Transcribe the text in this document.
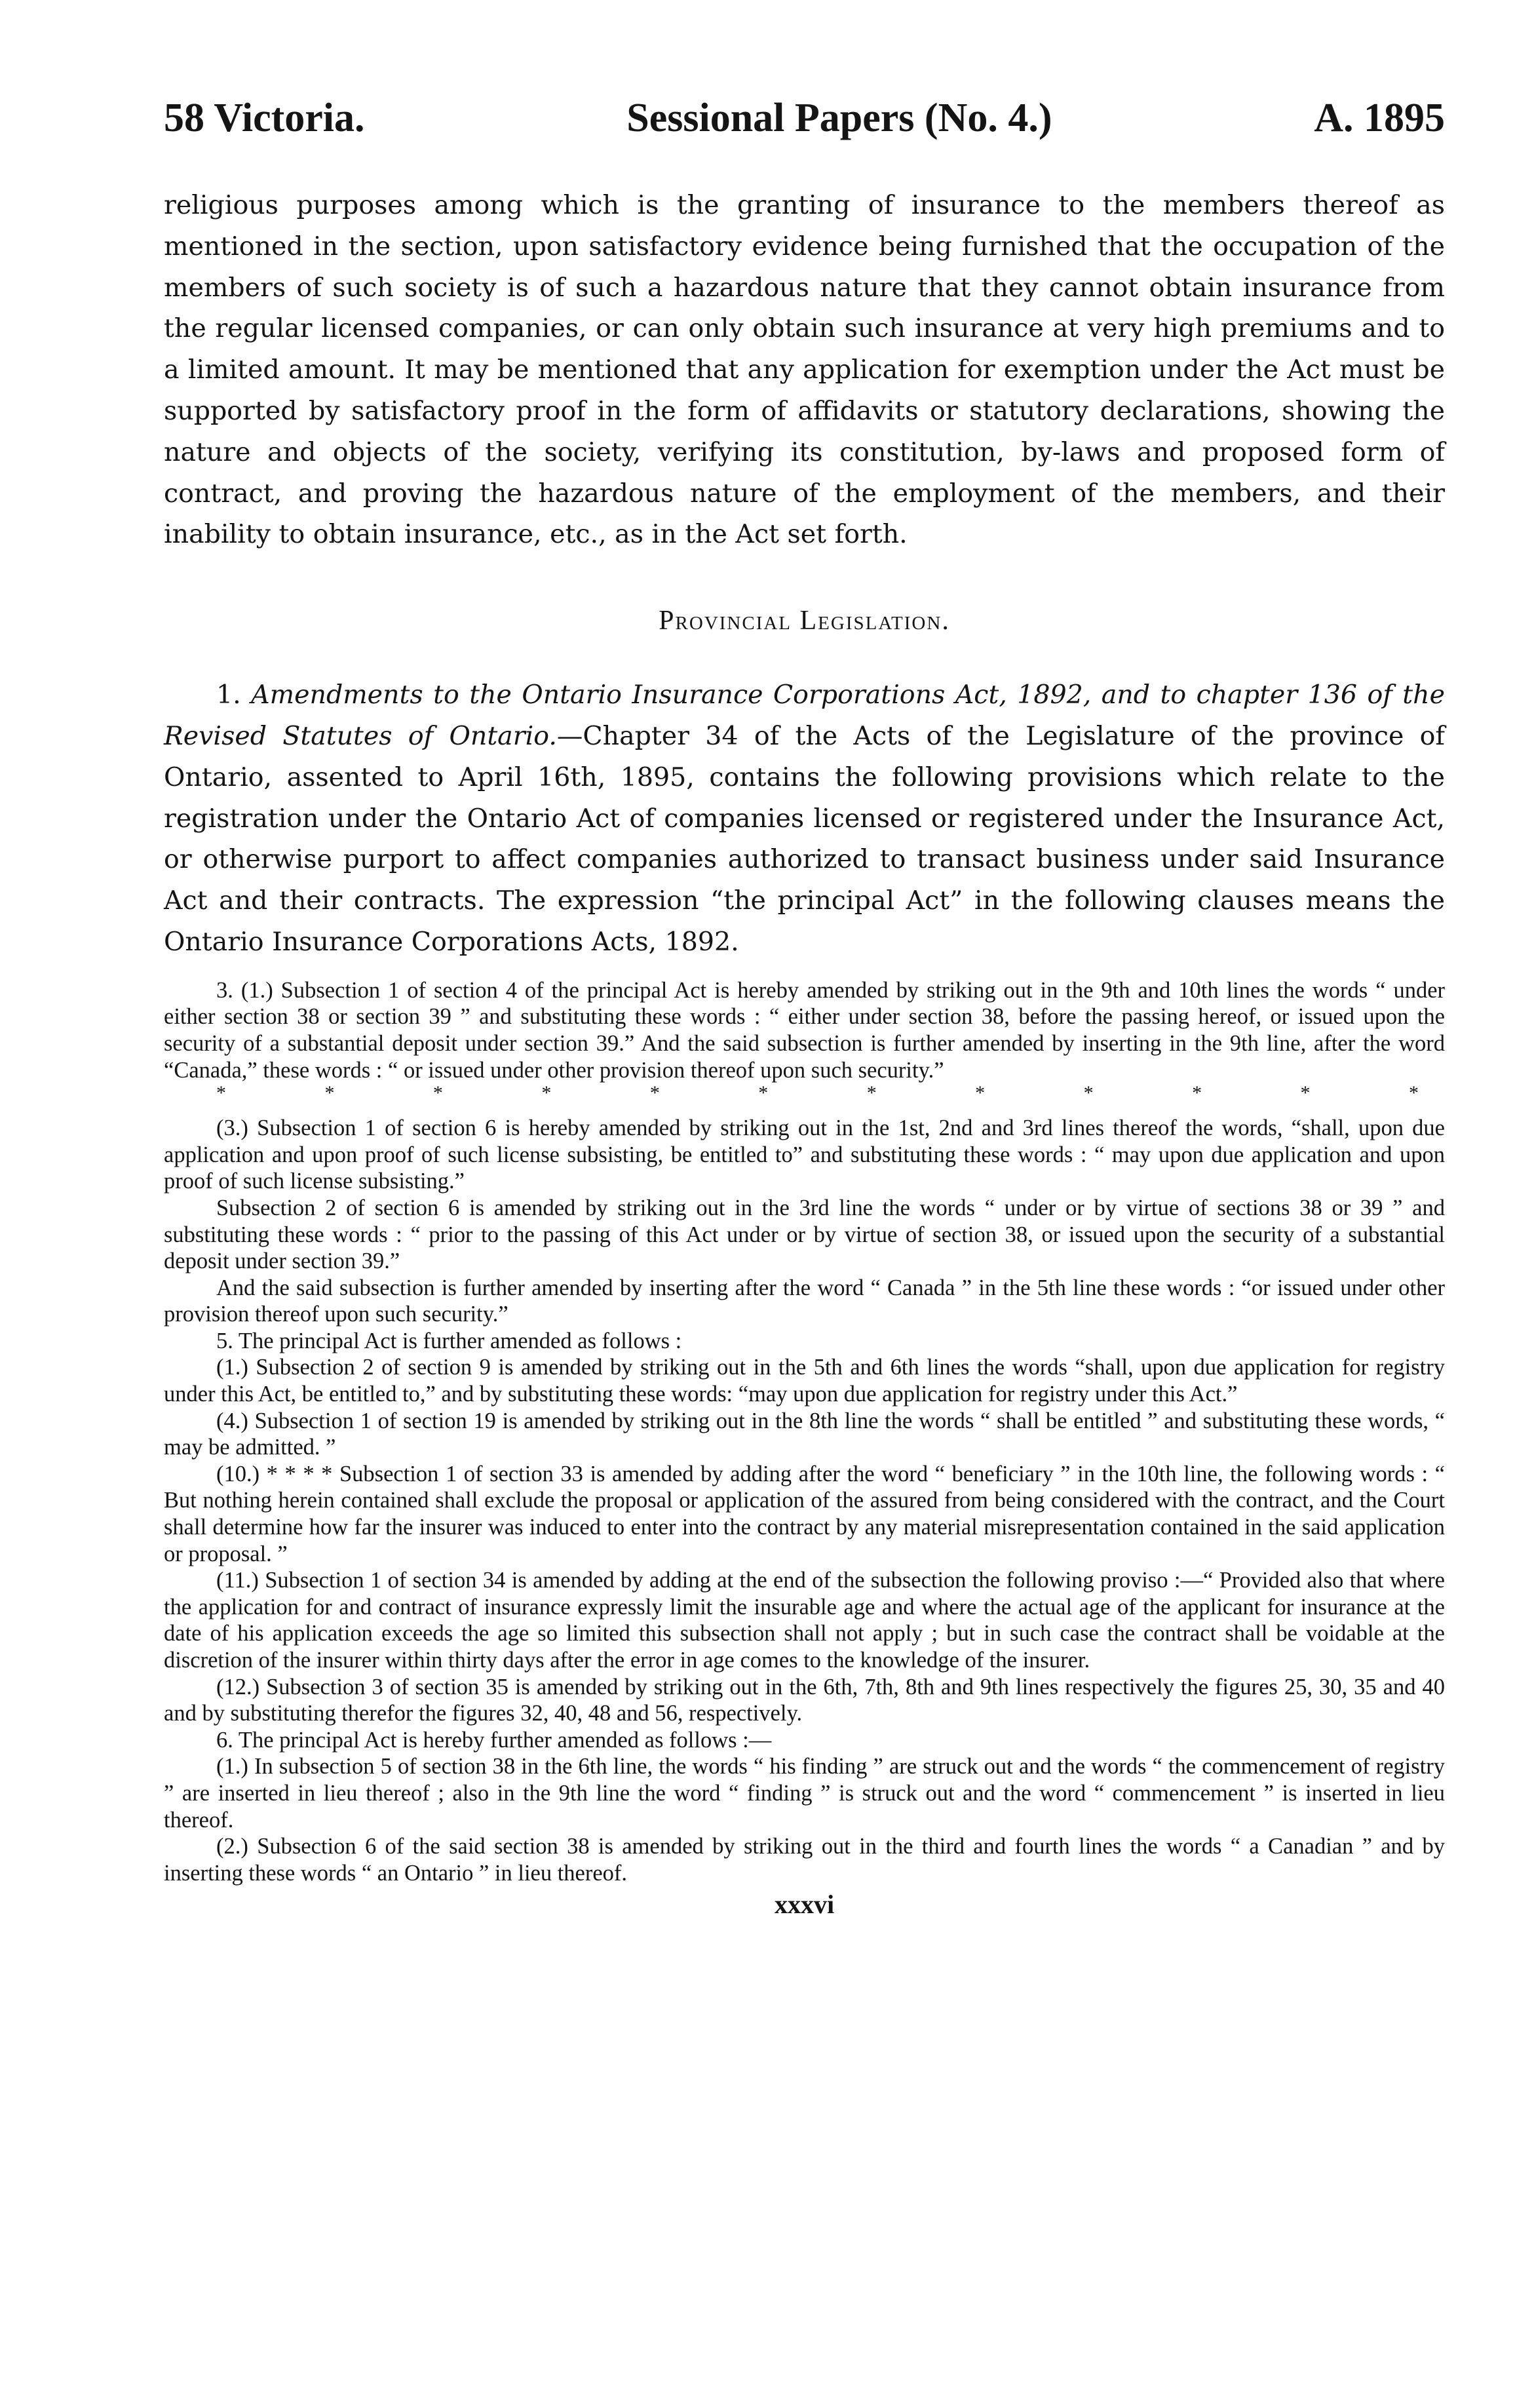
58 Victoria.	Sessional Papers (No. 4.)	A. 1895

religious purposes among which is the granting of insurance to the members thereof as mentioned in the section, upon satisfactory evidence being furnished that the occupation of the members of such society is of such a hazardous nature that they cannot obtain insurance from the regular licensed companies, or can only obtain such insurance at very high premiums and to a limited amount. It may be mentioned that any application for exemption under the Act must be supported by satisfactory proof in the form of affidavits or statutory declarations, showing the nature and objects of the society, verifying its constitution, by-laws and proposed form of contract, and proving the hazardous nature of the employment of the members, and their inability to obtain insurance, etc., as in the Act set forth.

Provincial Legislation.

1. Amendments to the Ontario Insurance Corporations Act, 1892, and to chapter 136 of the Revised Statutes of Ontario.—Chapter 34 of the Acts of the Legislature of the province of Ontario, assented to April 16th, 1895, contains the following provisions which relate to the registration under the Ontario Act of companies licensed or registered under the Insurance Act, or otherwise purport to affect companies authorized to transact business under said Insurance Act and their contracts. The expression “the principal Act” in the following clauses means the Ontario Insurance Corporations Acts, 1892.

3. (1.) Subsection 1 of section 4 of the principal Act is hereby amended by striking out in the 9th and 10th lines the words “ under either section 38 or section 39 ” and substituting these words : “ either under section 38, before the passing hereof, or issued upon the security of a substantial deposit under section 39.” And the said subsection is further amended by inserting in the 9th line, after the word “Canada,” these words : “ or issued under other provision thereof upon such security.”

*	*	*	*	*	*	*	*	*	*	*	*

(3.) Subsection 1 of section 6 is hereby amended by striking out in the 1st, 2nd and 3rd lines thereof the words, “shall, upon due application and upon proof of such license subsisting, be entitled to” and substituting these words : “ may upon due application and upon proof of such license subsisting.”

Subsection 2 of section 6 is amended by striking out in the 3rd line the words “ under or by virtue of sections 38 or 39 ” and substituting these words : “ prior to the passing of this Act under or by virtue of section 38, or issued upon the security of a substantial deposit under section 39.”

And the said subsection is further amended by inserting after the word “ Canada ” in the 5th line these words : “or issued under other provision thereof upon such security.”

5. The principal Act is further amended as follows :

(1.) Subsection 2 of section 9 is amended by striking out in the 5th and 6th lines the words “shall, upon due application for registry under this Act, be entitled to,” and by substituting these words: “may upon due application for registry under this Act.”

(4.) Subsection 1 of section 19 is amended by striking out in the 8th line the words “ shall be entitled ” and substituting these words, “ may be admitted. ”

(10.) * * * * Subsection 1 of section 33 is amended by adding after the word “ beneficiary ” in the 10th line, the following words : “ But nothing herein contained shall exclude the proposal or application of the assured from being considered with the contract, and the Court shall determine how far the insurer was induced to enter into the contract by any material misrepresentation contained in the said application or proposal. ”

(11.) Subsection 1 of section 34 is amended by adding at the end of the subsection the following proviso :—“ Provided also that where the application for and contract of insurance expressly limit the insurable age and where the actual age of the applicant for insurance at the date of his application exceeds the age so limited this subsection shall not apply ; but in such case the contract shall be voidable at the discretion of the insurer within thirty days after the error in age comes to the knowledge of the insurer.

(12.) Subsection 3 of section 35 is amended by striking out in the 6th, 7th, 8th and 9th lines respectively the figures 25, 30, 35 and 40 and by substituting therefor the figures 32, 40, 48 and 56, respectively.

6. The principal Act is hereby further amended as follows :—

(1.) In subsection 5 of section 38 in the 6th line, the words “ his finding ” are struck out and the words “ the commencement of registry ” are inserted in lieu thereof ; also in the 9th line the word “ finding ” is struck out and the word “ commencement ” is inserted in lieu thereof.

(2.) Subsection 6 of the said section 38 is amended by striking out in the third and fourth lines the words “ a Canadian ” and by inserting these words “ an Ontario ” in lieu thereof.

xxxvi
